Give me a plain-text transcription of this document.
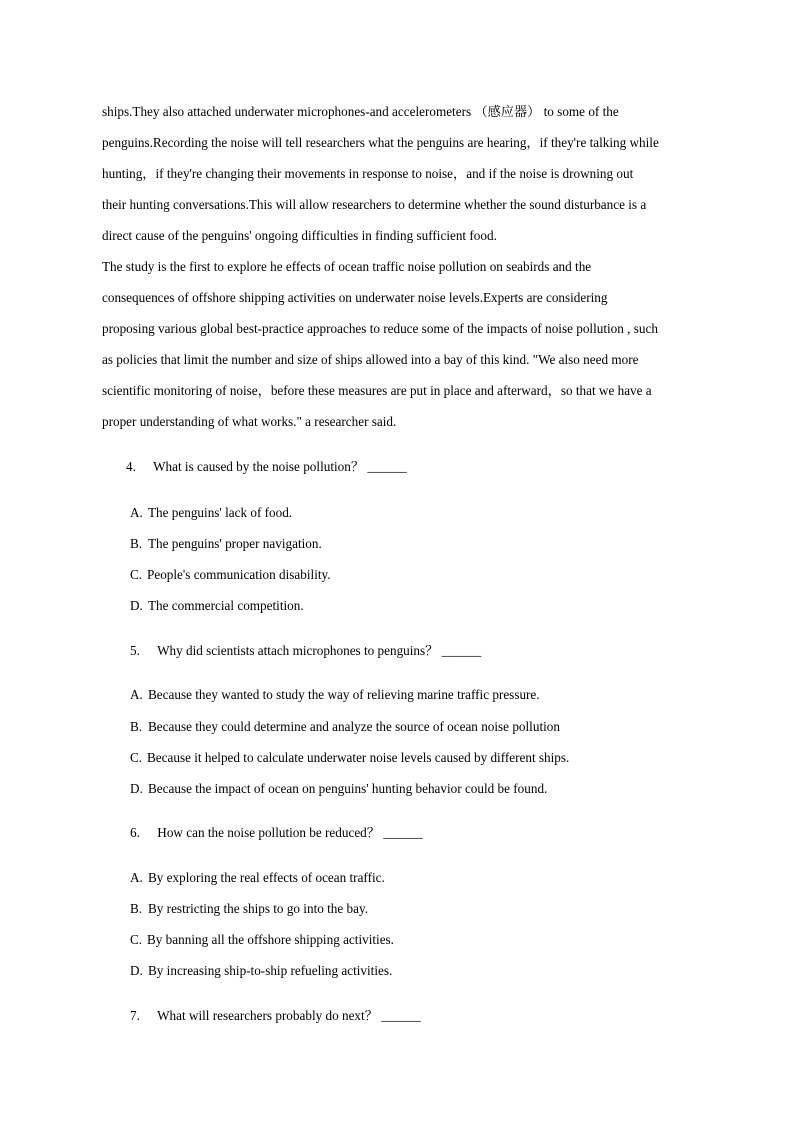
ships.They also attached underwater microphones-and accelerometers （感应器） to some of the
penguins.Recording the noise will tell researchers what the penguins are hearing，if they're talking while
hunting，if they're changing their movements in response to noise，and if the noise is drowning out
their hunting conversations.This will allow researchers to determine whether the sound disturbance is a
direct cause of the penguins' ongoing difficulties in finding sufficient food.
The study is the first to explore he effects of ocean traffic noise pollution on seabirds and the
consequences of offshore shipping activities on underwater noise levels.Experts are considering
proposing various global best-practice approaches to reduce some of the impacts of noise pollution , such
as policies that limit the number and size of ships allowed into a bay of this kind. "We also need more
scientific monitoring of noise，before these measures are put in place and afterward，so that we have a
proper understanding of what works." a researcher said.
4. What is caused by the noise pollution？ ______
A. The penguins' lack of food.
B. The penguins' proper navigation.
C. People's communication disability.
D. The commercial competition.
5. Why did scientists attach microphones to penguins？ ______
A. Because they wanted to study the way of relieving marine traffic pressure.
B. Because they could determine and analyze the source of ocean noise pollution
C. Because it helped to calculate underwater noise levels caused by different ships.
D. Because the impact of ocean on penguins' hunting behavior could be found.
6. How can the noise pollution be reduced？ ______
A. By exploring the real effects of ocean traffic.
B. By restricting the ships to go into the bay.
C. By banning all the offshore shipping activities.
D. By increasing ship-to-ship refueling activities.
7. What will researchers probably do next？ ______
